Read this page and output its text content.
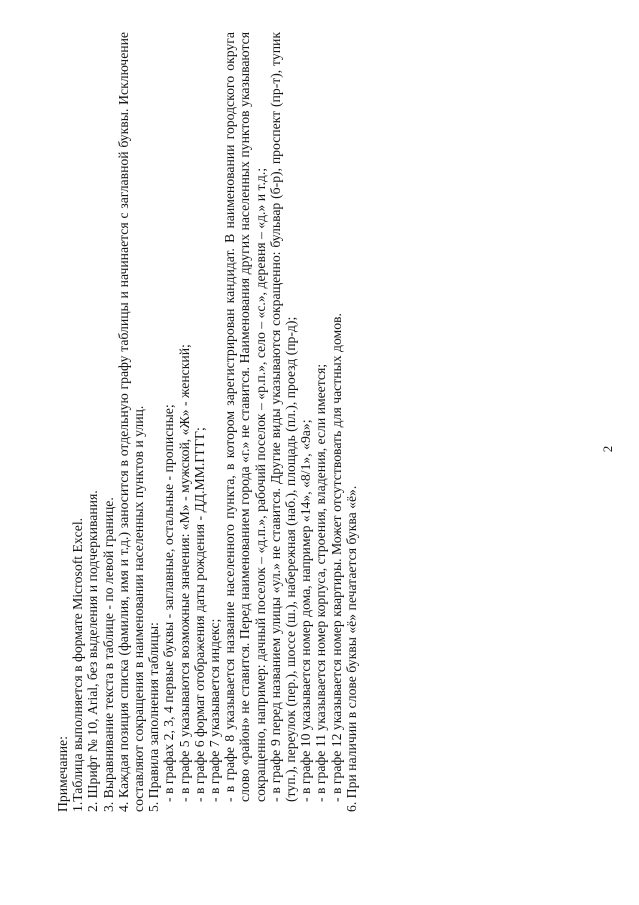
2

Примечание: 1.Таблица выполняется в формате Microsoft Excel. 2. Шрифт № 10, Arial, без выделения и подчеркивания. 3. Выравнивание текста в таблице - по левой границе. 4. Каждая позиция списка (фамилия, имя и т.д.) заносится в отдельную графу таблицы и начинается с заглавной буквы. Исключение составляют сокращения в наименовании населенных пунктов и улиц. 5. Правила заполнения таблицы: - в графах 2, 3, 4 первые буквы - заглавные, остальные - прописные; - в графе 5 указываются возможные значения: «М» - мужской, «Ж» - женский; - в графе 6 формат отображения даты рождения - ДД.ММ.ГГГГ; - в графе 7 указывается индекс; - в графе 8 указывается название населенного пункта, в котором зарегистрирован кандидат. В наименовании городского округа слово «район» не ставится. Перед наименованием города «г.» не ставится. Наименования других населенных пунктов указываются сокращенно, например: дачный поселок – «д.п.», рабочий поселок – «р.п.», село – «с.», деревня – «д.» и т.д.; - в графе 9 перед названием улицы «ул.» не ставится. Другие виды указываются сокращенно: бульвар (б-р), проспект (пр-т), тупик (туп.), переулок (пер.), шоссе (ш.), набережная (наб.), площадь (пл.), проезд (пр-д); - в графе 10 указывается номер дома, например «14», «8/1», «9а»; - в графе 11 указывается номер корпуса, строения, владения, если имеется; - в графе 12 указывается номер квартиры. Может отсутствовать для частных домов. 6. При наличии в слове буквы «ё» печатается буква «ё».
